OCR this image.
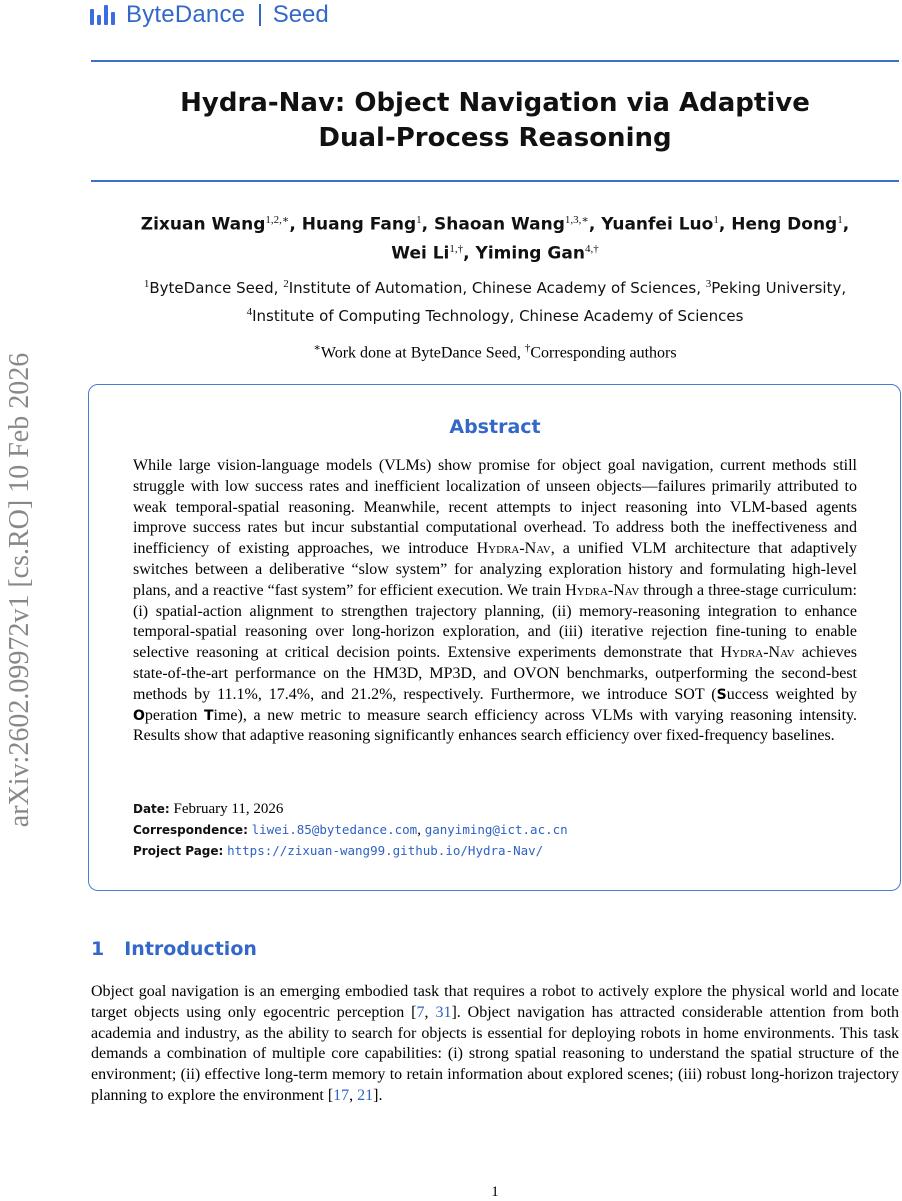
ByteDance Seed
arXiv:2602.09972v1 [cs.RO] 10 Feb 2026
Hydra-Nav: Object Navigation via Adaptive
Dual-Process Reasoning
Zixuan Wang$^{1,2,∗}$, Huang Fang$^1$, Shaoan Wang$^{1,3,∗}$, Yuanfei Luo$^1$, Heng Dong$^1$,
Wei $Li^{1,\dagger}$, Yiming Gan$^{4,\dagger}$
$^1$ByteDance Seed, $^2$Institute of Automation, Chinese Academy of Sciences, $^3$Peking University,
$^4$Institute of Computing Technology, Chinese Academy of Sciences
∗Work done at ByteDance Seed, †Corresponding authors
Abstract
While large vision-language models (VLMs) show promise for object goal navigation, current methods still struggle with low success rates and inefficient localization of unseen objects—failures primarily attributed to weak temporal-spatial reasoning. Meanwhile, recent attempts to inject reasoning into VLM-based agents improve success rates but incur substantial computational overhead. To address both the ineffectiveness and inefficiency of existing approaches, we introduce Hydra-Nav, a unified VLM architecture that adaptively switches between a deliberative “slow system” for analyzing exploration history and formulating high-level plans, and a reactive “fast system” for efficient execution. We train Hydra-Nav through a three-stage curriculum: (i) spatial-action alignment to strengthen trajectory planning, (ii) memory-reasoning integration to enhance temporal-spatial reasoning over long-horizon exploration, and (iii) iterative rejection fine-tuning to enable selective reasoning at critical decision points. Extensive experiments demonstrate that Hydra-Nav achieves state-of-the-art performance on the HM3D, MP3D, and OVON benchmarks, outperforming the second-best methods by 11.1%, 17.4%, and 21.2%, respectively. Furthermore, we introduce SOT (Success weighted by Operation Time), a new metric to measure search efficiency across VLMs with varying reasoning intensity. Results show that adaptive reasoning significantly enhances search efficiency over fixed-frequency baselines.
Date: February 11, 2026
Correspondence: liwei.85@bytedance.com, ganyiming@ict.ac.cn
Project Page: https://zixuan-wang99.github.io/Hydra-Nav/
1 Introduction
Object goal navigation is an emerging embodied task that requires a robot to actively explore the physical world and locate target objects using only egocentric perception [7, 31]. Object navigation has attracted considerable attention from both academia and industry, as the ability to search for objects is essential for deploying robots in home environments. This task demands a combination of multiple core capabilities: (i) strong spatial reasoning to understand the spatial structure of the environment; (ii) effective long-term memory to retain information about explored scenes; (iii) robust long-horizon trajectory planning to explore the environment [17, 21].
1
